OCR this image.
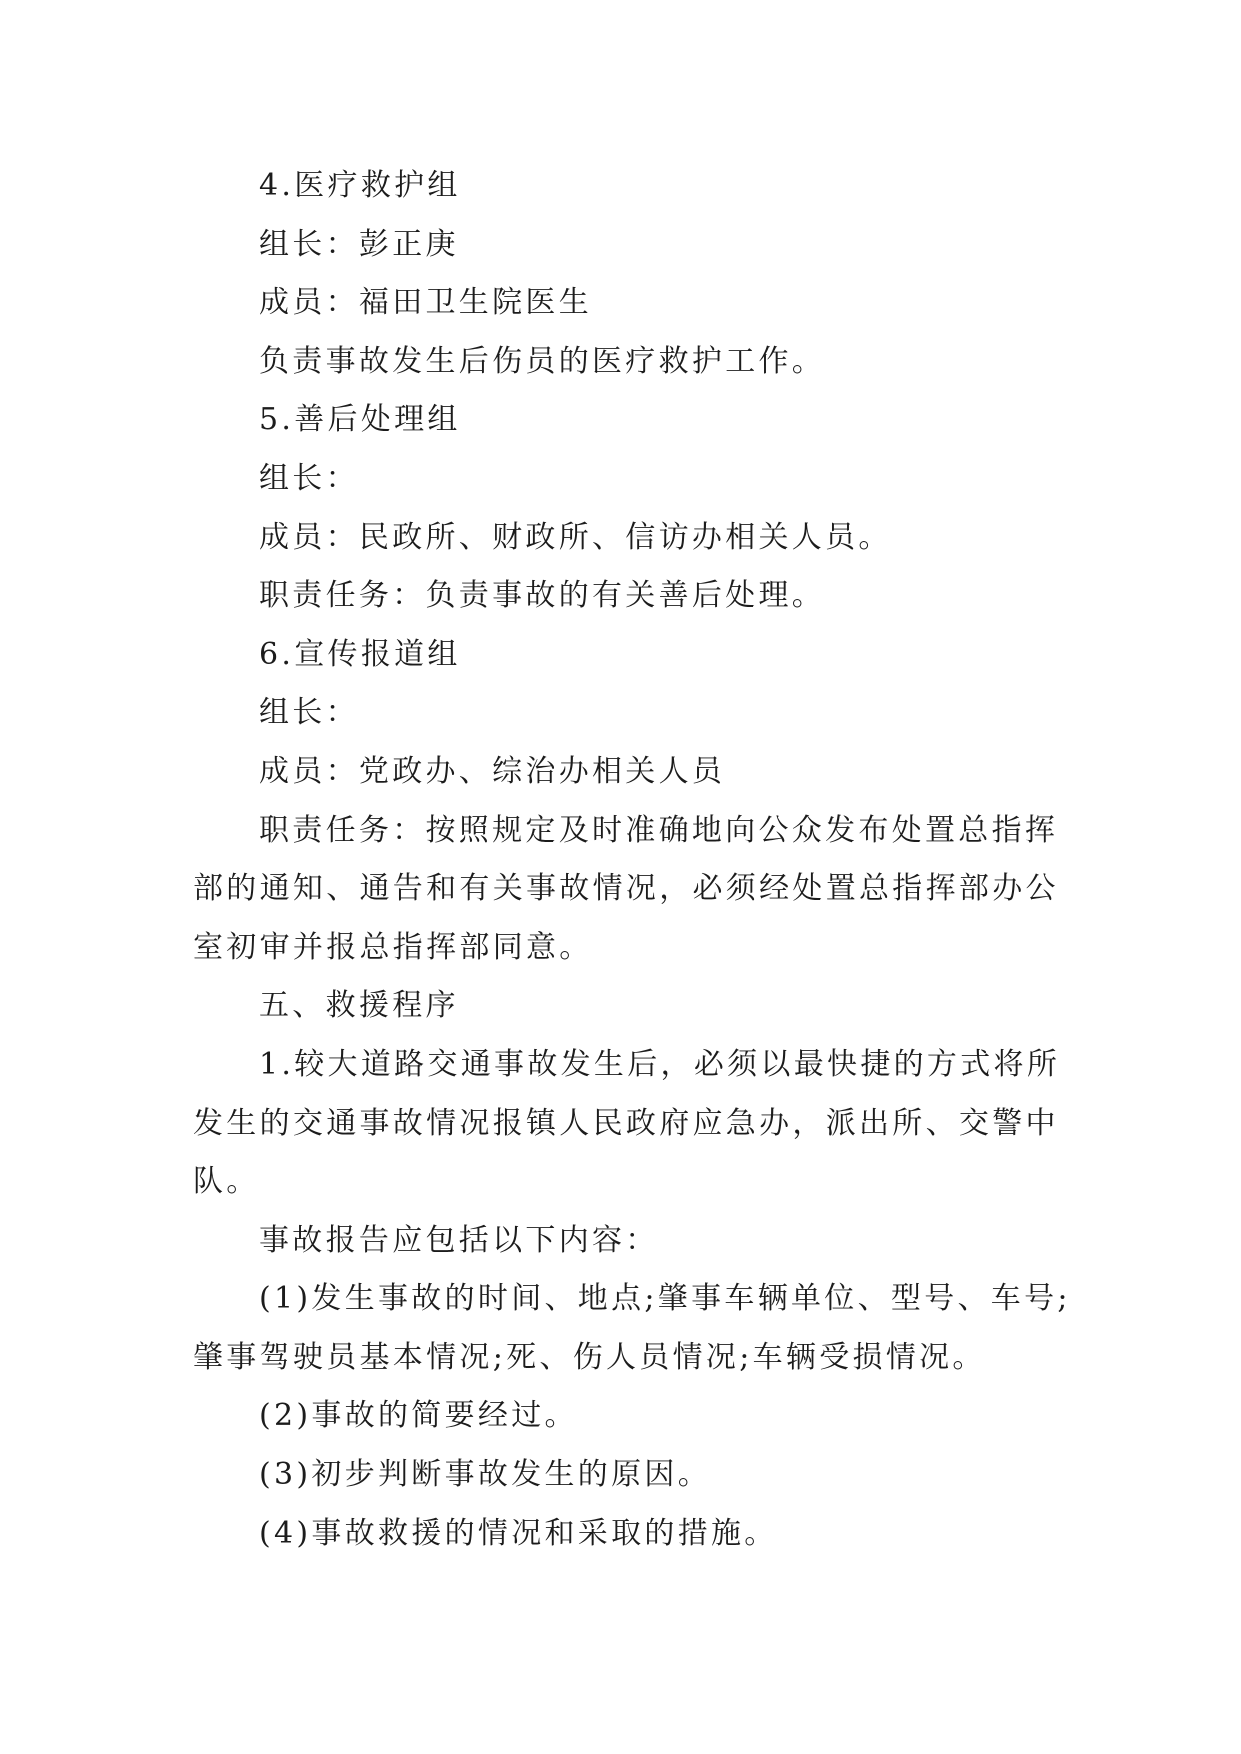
4.医疗救护组
组长：彭正庚
成员：福田卫生院医生
负责事故发生后伤员的医疗救护工作。
5.善后处理组
组长：
成员：民政所、财政所、信访办相关人员。
职责任务：负责事故的有关善后处理。
6.宣传报道组
组长：
成员：党政办、综治办相关人员
职责任务：按照规定及时准确地向公众发布处置总指挥
部的通知、通告和有关事故情况，必须经处置总指挥部办公
室初审并报总指挥部同意。
五、救援程序
1.较大道路交通事故发生后，必须以最快捷的方式将所
发生的交通事故情况报镇人民政府应急办，派出所、交警中
队。
事故报告应包括以下内容：
(1)发生事故的时间、地点;肇事车辆单位、型号、车号;
肇事驾驶员基本情况;死、伤人员情况;车辆受损情况。
(2)事故的简要经过。
(3)初步判断事故发生的原因。
(4)事故救援的情况和采取的措施。
